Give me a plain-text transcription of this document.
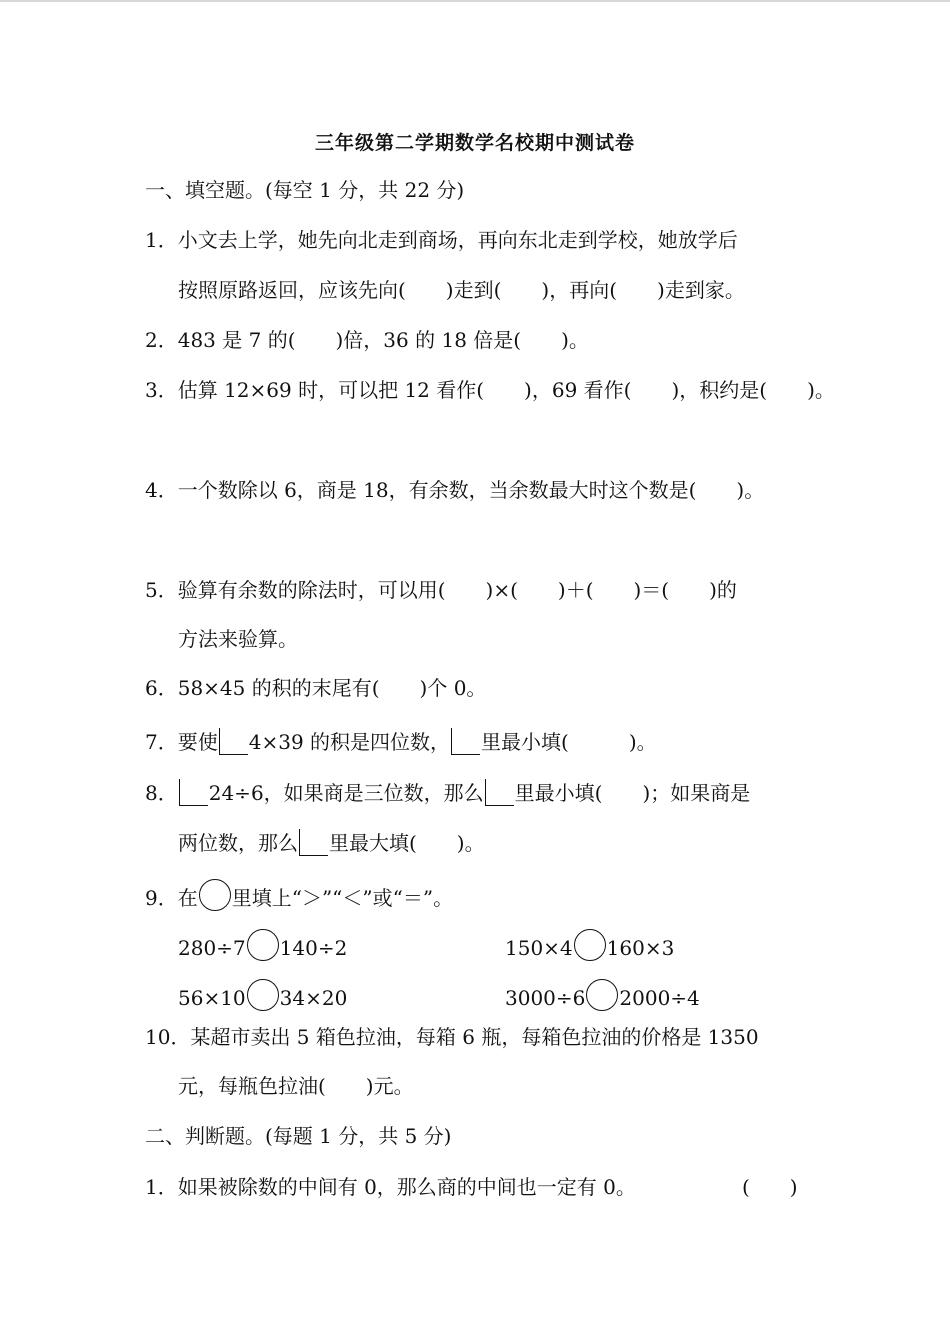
三年级第二学期数学名校期中测试卷
一、填空题。(每空 1 分，共 22 分)
1．小文去上学，她先向北走到商场，再向东北走到学校，她放学后
按照原路返回，应该先向(　　)走到(　　)，再向(　　)走到家。
2．483 是 7 的(　　)倍，36 的 18 倍是(　　)。
3．估算 12×69 时，可以把 12 看作(　　)，69 看作(　　)，积约是(　　)。
4．一个数除以 6，商是 18，有余数，当余数最大时这个数是(　　)。
5．验算有余数的除法时，可以用(　　)×(　　)＋(　　)＝(　　)的
方法来验算。
6．58×45 的积的末尾有(　　)个 0。
7．要使 4×39 的积是四位数， 里最小填(　　　)。
8． 24÷6，如果商是三位数，那么 里最小填(　　)；如果商是
两位数，那么 里最大填(　　)。
9．在 里填上“＞”“＜”或“＝”。
280÷7 140÷2	150×4 160×3
56×10 34×20	3000÷6 2000÷4
10．某超市卖出 5 箱色拉油，每箱 6 瓶，每箱色拉油的价格是 1350
元，每瓶色拉油(　　)元。
二、判断题。(每题 1 分，共 5 分)
1．如果被除数的中间有 0，那么商的中间也一定有 0。	(　　)
